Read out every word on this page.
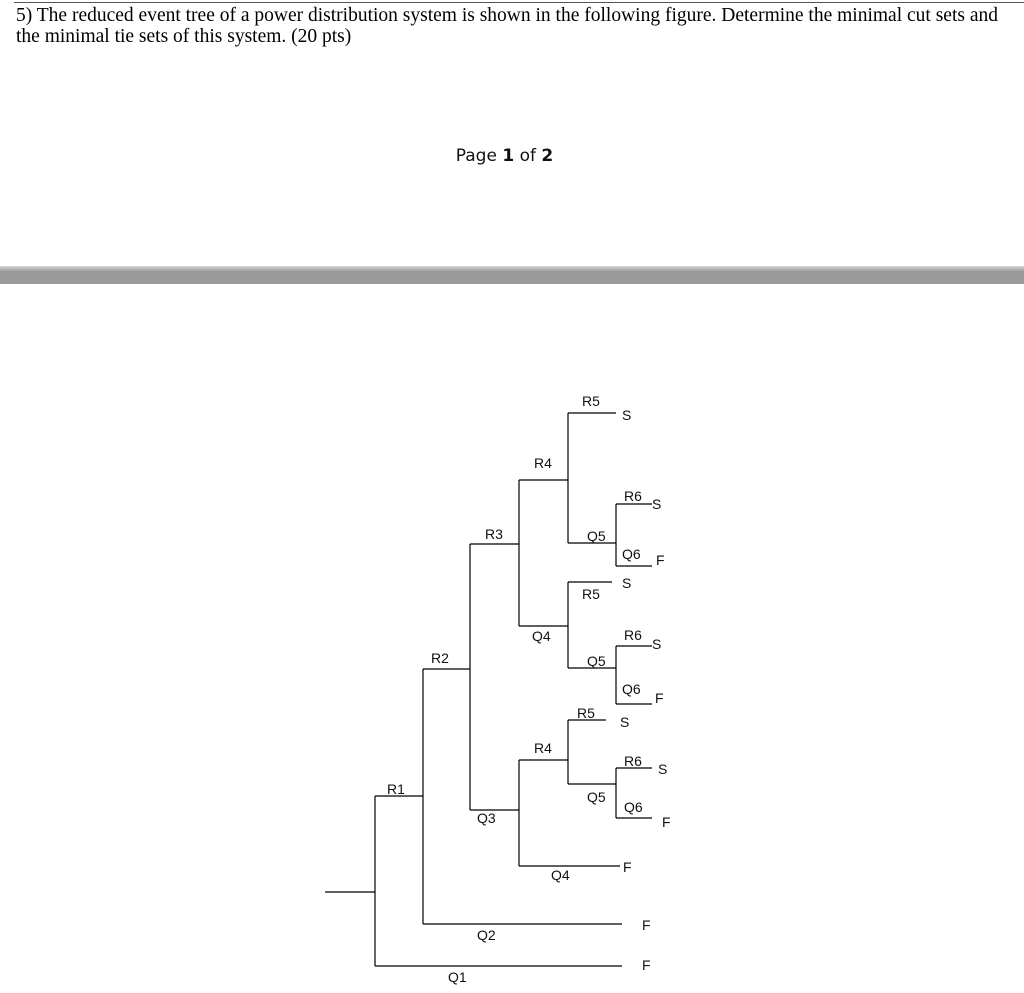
5) The reduced event tree of a power distribution system is shown in the following figure. Determine the minimal cut sets and the minimal tie sets of this system. (20 pts)

Page 1 of 2
R1
Q1
R2
Q2
R3
Q3
R4
Q4
R4
Q4
R5
Q5
R5
Q5
R5
Q5
R6
Q6
R6
Q6
R6
Q6
S
S
F
S
S
F
S
S
F
F
F
F
